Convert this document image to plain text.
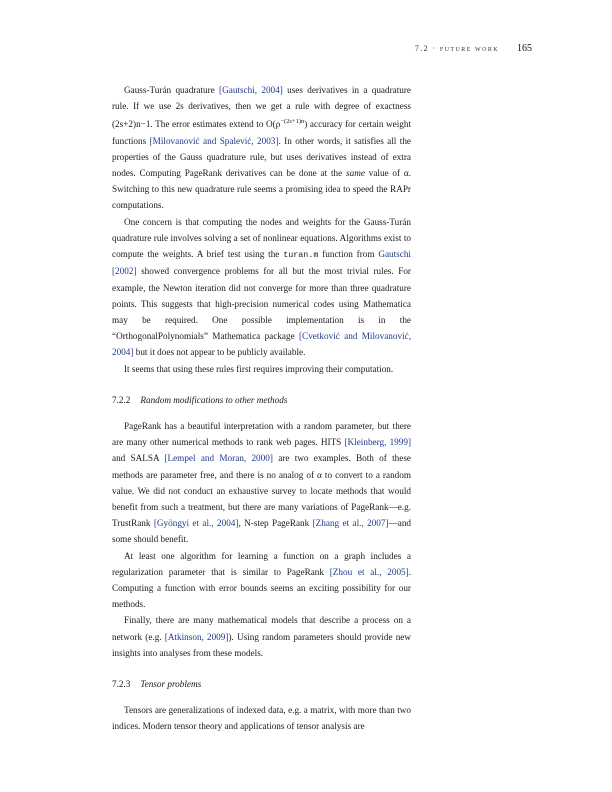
7.2 · future work 165

Gauss-Turán quadrature [Gautschi, 2004] uses derivatives in a quadrature rule. If we use 2s derivatives, then we get a rule with degree of exactness (2s+2)n−1. The error estimates extend to $O(\rho^{-(2s+1)n})$ accuracy for certain weight functions [Milovanović and Spalević, 2003]. In other words, it satisfies all the properties of the Gauss quadrature rule, but uses derivatives instead of extra nodes. Computing PageRank derivatives can be done at the same value of α. Switching to this new quadrature rule seems a promising idea to speed the RAPr computations.

One concern is that computing the nodes and weights for the Gauss-Turán quadrature rule involves solving a set of nonlinear equations. Algorithms exist to compute the weights. A brief test using the turan.m function from Gautschi [2002] showed convergence problems for all but the most trivial rules. For example, the Newton iteration did not converge for more than three quadrature points. This suggests that high-precision numerical codes using Mathematica may be required. One possible implementation is in the “OrthogonalPolynomials” Mathematica package [Cvetković and Milovanović, 2004] but it does not appear to be publicly available.

It seems that using these rules first requires improving their computation.

7.2.2 Random modifications to other methods

PageRank has a beautiful interpretation with a random parameter, but there are many other numerical methods to rank web pages. HITS [Kleinberg, 1999] and SALSA [Lempel and Moran, 2000] are two examples. Both of these methods are parameter free, and there is no analog of α to convert to a random value. We did not conduct an exhaustive survey to locate methods that would benefit from such a treatment, but there are many variations of PageRank—e.g. TrustRank [Gyöngyi et al., 2004], N-step PageRank [Zhang et al., 2007]—and some should benefit.

At least one algorithm for learning a function on a graph includes a regularization parameter that is similar to PageRank [Zhou et al., 2005]. Computing a function with error bounds seems an exciting possibility for our methods.

Finally, there are many mathematical models that describe a process on a network (e.g. [Atkinson, 2009]). Using random parameters should provide new insights into analyses from these models.

7.2.3 Tensor problems

Tensors are generalizations of indexed data, e.g. a matrix, with more than two indices. Modern tensor theory and applications of tensor analysis are
